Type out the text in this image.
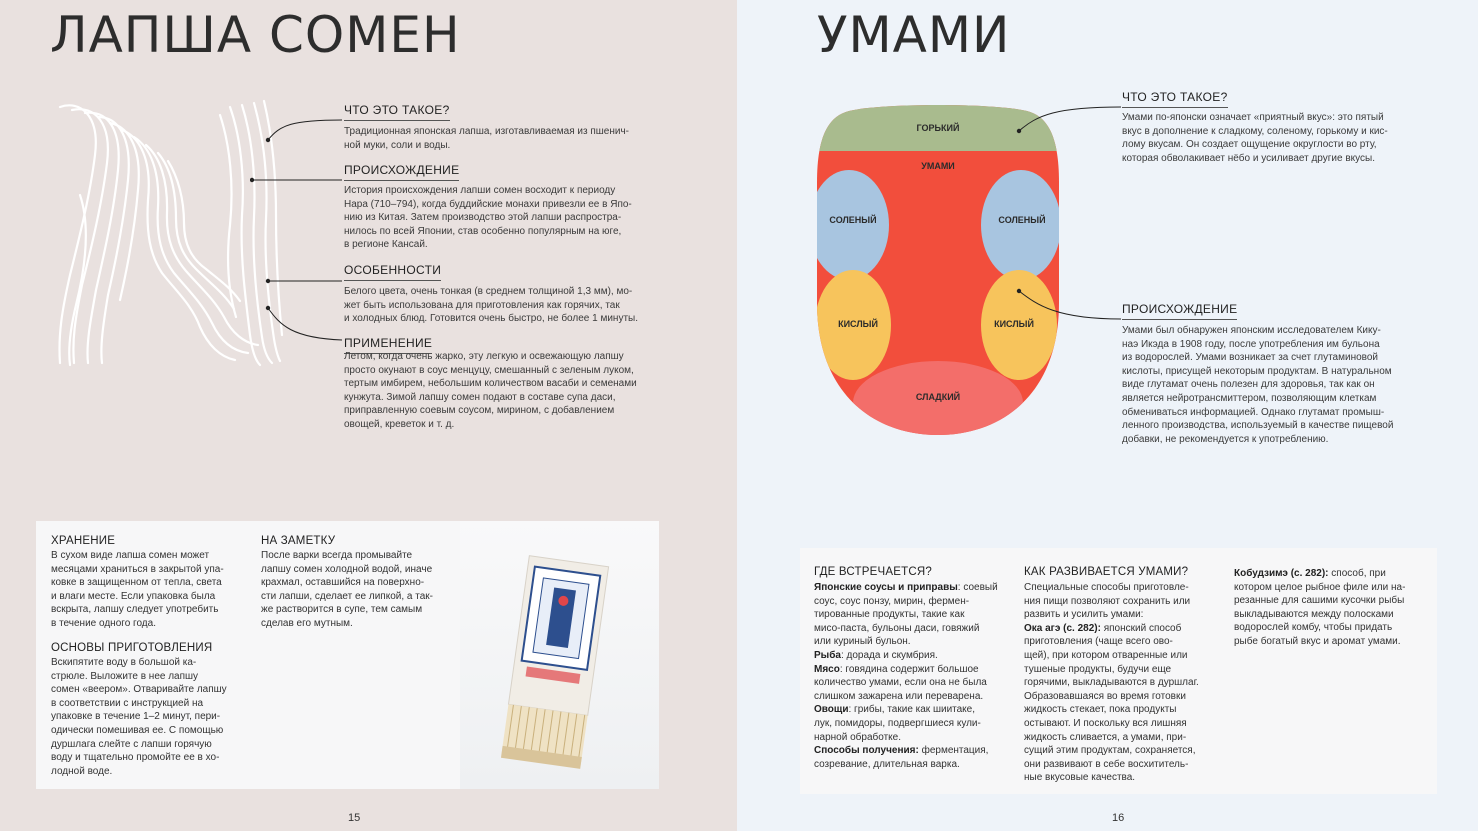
ЛАПША СОМЕН
ЧТО ЭТО ТАКОЕ?
Традиционная японская лапша, изготавливаемая из пшенич-
ной муки, соли и воды.
ПРОИСХОЖДЕНИЕ
История происхождения лапши сомен восходит к периоду
Нара (710–794), когда буддийские монахи привезли ее в Япо-
нию из Китая. Затем производство этой лапши распростра-
нилось по всей Японии, став особенно популярным на юге,
в регионе Кансай.
ОСОБЕННОСТИ
Белого цвета, очень тонкая (в среднем толщиной 1,3 мм), мо-
жет быть использована для приготовления как горячих, так
и холодных блюд. Готовится очень быстро, не более 1 минуты.
ПРИМЕНЕНИЕ
Летом, когда очень жарко, эту легкую и освежающую лапшу
просто окунают в соус менцуцу, смешанный с зеленым луком,
тертым имбирем, небольшим количеством васаби и семенами
кунжута. Зимой лапшу сомен подают в составе супа даси,
приправленную соевым соусом, мирином, с добавлением
овощей, креветок и т. д.
ХРАНЕНИЕ
В сухом виде лапша сомен может
месяцами храниться в закрытой упа-
ковке в защищенном от тепла, света
и влаги месте. Если упаковка была
вскрыта, лапшу следует употребить
в течение одного года.
ОСНОВЫ ПРИГОТОВЛЕНИЯ
Вскипятите воду в большой ка-
стрюле. Выложите в нее лапшу
сомен «веером». Отваривайте лапшу
в соответствии с инструкцией на
упаковке в течение 1–2 минут, пери-
одически помешивая ее. С помощью
дуршлага слейте с лапши горячую
воду и тщательно промойте ее в хо-
лодной воде.
НА ЗАМЕТКУ
После варки всегда промывайте
лапшу сомен холодной водой, иначе
крахмал, оставшийся на поверхно-
сти лапши, сделает ее липкой, а так-
же растворится в супе, тем самым
сделав его мутным.
15
УМАМИ
ГОРЬКИЙ
УМАМИ
СОЛЕНЫЙ	СОЛЕНЫЙ
КИСЛЫЙ	КИСЛЫЙ
СЛАДКИЙ
ЧТО ЭТО ТАКОЕ?
Умами по-японски означает «приятный вкус»: это пятый
вкус в дополнение к сладкому, соленому, горькому и кис-
лому вкусам. Он создает ощущение округлости во рту,
которая обволакивает нёбо и усиливает другие вкусы.
ПРОИСХОЖДЕНИЕ
Умами был обнаружен японским исследователем Кику-
наэ Икэда в 1908 году, после употребления им бульона
из водорослей. Умами возникает за счет глутаминовой
кислоты, присущей некоторым продуктам. В натуральном
виде глутамат очень полезен для здоровья, так как он
является нейротрансмиттером, позволяющим клеткам
обмениваться информацией. Однако глутамат промыш-
ленного производства, используемый в качестве пищевой
добавки, не рекомендуется к употреблению.
16
ГДЕ ВСТРЕЧАЕТСЯ?
Японские соусы и приправы: соевый
соус, соус понзу, мирин, фермен-
тированные продукты, такие как
мисо-паста, бульоны даси, говяжий
или куриный бульон.
Рыба: дорада и скумбрия.
Мясо: говядина содержит большое
количество умами, если она не была
слишком зажарена или переварена.
Овощи: грибы, такие как шиитаке,
лук, помидоры, подвергшиеся кули-
нарной обработке.
Способы получения: ферментация,
созревание, длительная варка.
КАК РАЗВИВАЕТСЯ УМАМИ?
Специальные способы приготовле-
ния пищи позволяют сохранить или
развить и усилить умами:
Ока агэ (с. 282): японский способ
приготовления (чаще всего ово-
щей), при котором отваренные или
тушеные продукты, будучи еще
горячими, выкладываются в дуршлаг.
Образовавшаяся во время готовки
жидкость стекает, пока продукты
остывают. И поскольку вся лишняя
жидкость сливается, а умами, при-
сущий этим продуктам, сохраняется,
они развивают в себе восхититель-
ные вкусовые качества.
Кобудзимэ (с. 282): способ, при
котором целое рыбное филе или на-
резанные для сашими кусочки рыбы
выкладываются между полосками
водорослей комбу, чтобы придать
рыбе богатый вкус и аромат умами.
